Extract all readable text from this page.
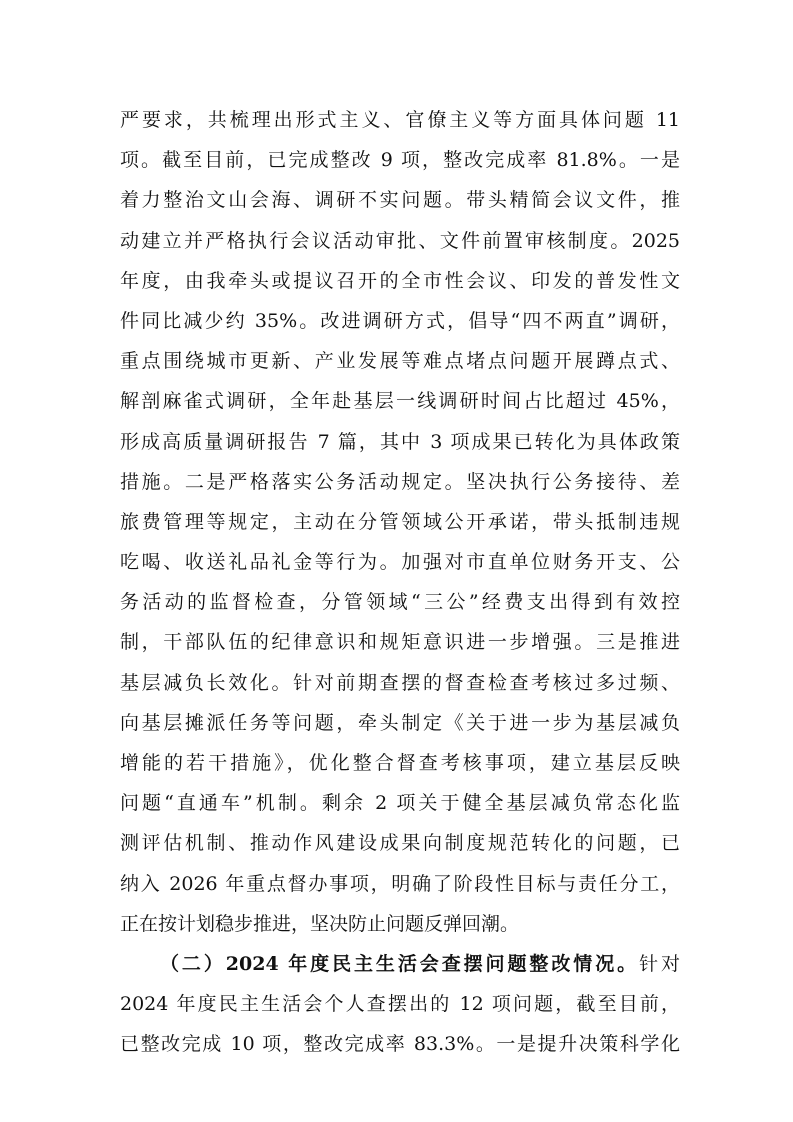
严要求，共梳理出形式主义、官僚主义等方面具体问题 11
项。截至目前，已完成整改 9 项，整改完成率 81.8%。一是
着力整治文山会海、调研不实问题。带头精简会议文件，推
动建立并严格执行会议活动审批、文件前置审核制度。2025
年度，由我牵头或提议召开的全市性会议、印发的普发性文
件同比减少约 35%。改进调研方式，倡导“四不两直”调研，
重点围绕城市更新、产业发展等难点堵点问题开展蹲点式、
解剖麻雀式调研，全年赴基层一线调研时间占比超过 45%，
形成高质量调研报告 7 篇，其中 3 项成果已转化为具体政策
措施。二是严格落实公务活动规定。坚决执行公务接待、差
旅费管理等规定，主动在分管领域公开承诺，带头抵制违规
吃喝、收送礼品礼金等行为。加强对市直单位财务开支、公
务活动的监督检查，分管领域“三公”经费支出得到有效控
制，干部队伍的纪律意识和规矩意识进一步增强。三是推进
基层减负长效化。针对前期查摆的督查检查考核过多过频、
向基层摊派任务等问题，牵头制定《关于进一步为基层减负
增能的若干措施》，优化整合督查考核事项，建立基层反映
问题“直通车”机制。剩余 2 项关于健全基层减负常态化监
测评估机制、推动作风建设成果向制度规范转化的问题，已
纳入 2026 年重点督办事项，明确了阶段性目标与责任分工，
正在按计划稳步推进，坚决防止问题反弹回潮。
（二）2024 年度民主生活会查摆问题整改情况。针对
2024 年度民主生活会个人查摆出的 12 项问题，截至目前，
已整改完成 10 项，整改完成率 83.3%。一是提升决策科学化
